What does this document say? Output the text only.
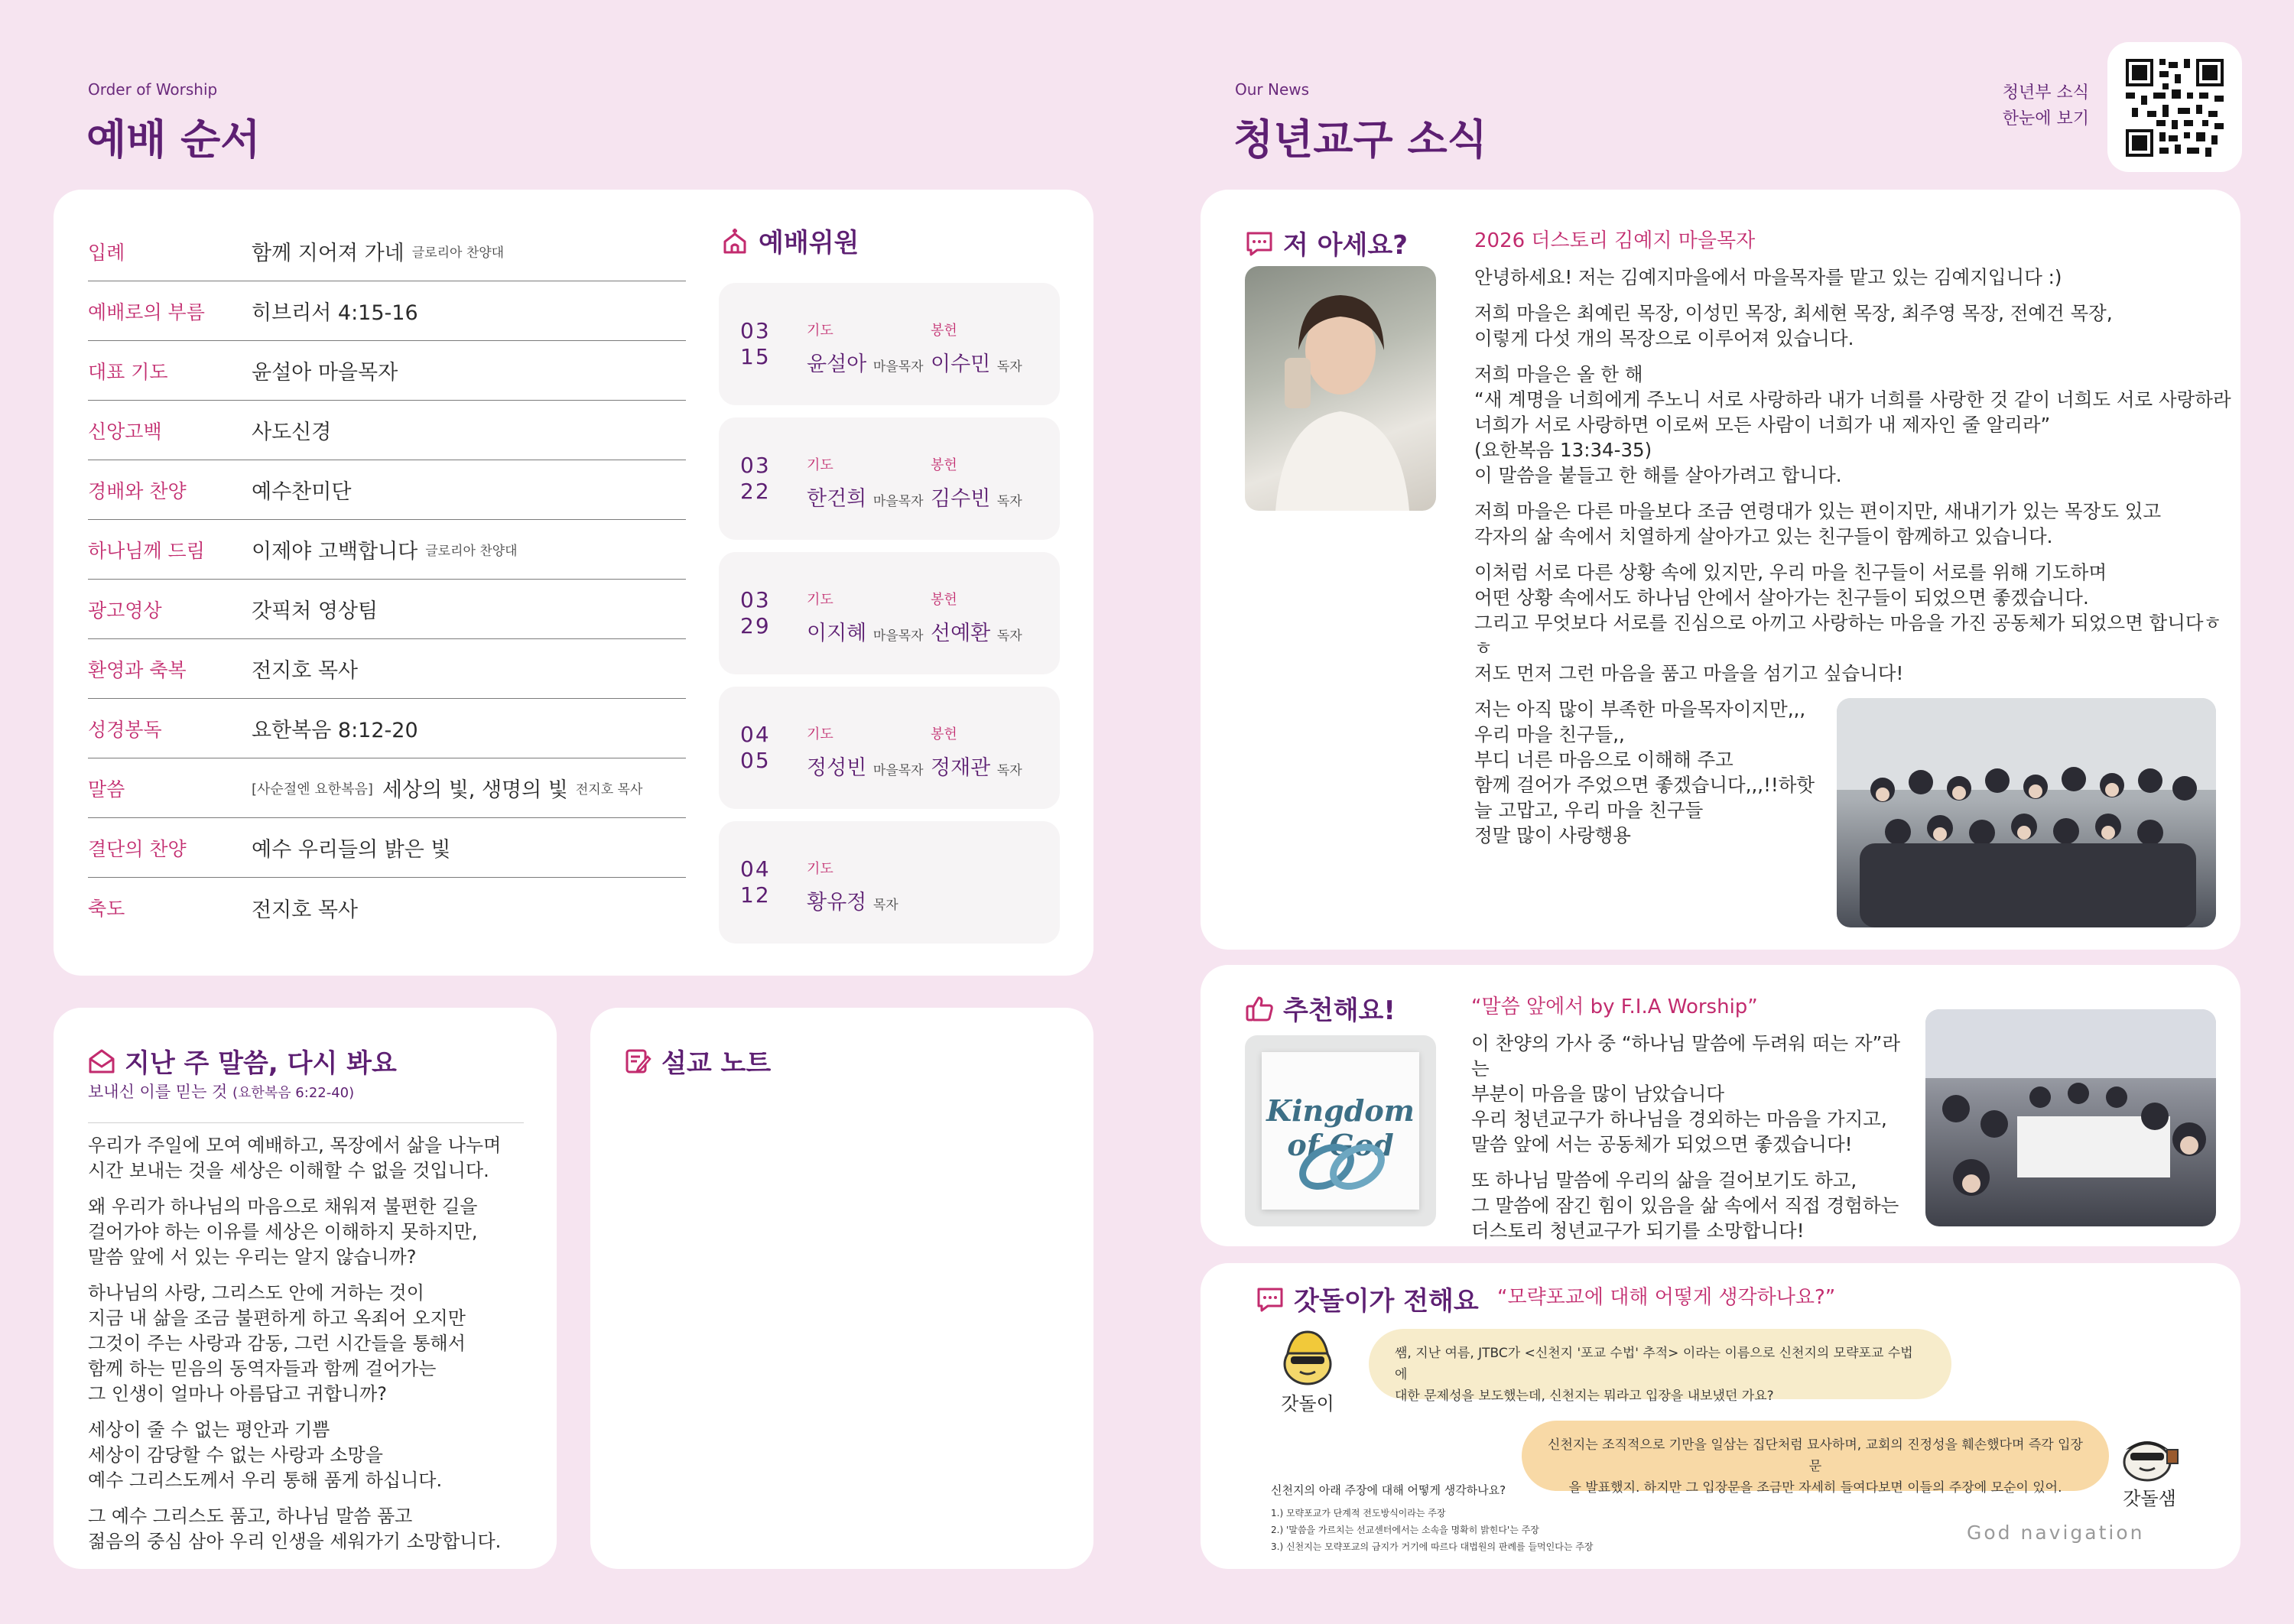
Order of Worship
예배 순서
입례	함께 지어져 가네 글로리아 찬양대
예배로의 부름	히브리서 4:15-16
대표 기도	윤설아 마을목자
신앙고백	사도신경
경배와 찬양	예수찬미단
하나님께 드림	이제야 고백합니다 글로리아 찬양대
광고영상	갓픽처 영상팀
환영과 축복	전지호 목사
성경봉독	요한복음 8:12-20
말씀	[사순절엔 요한복음] 세상의 빛, 생명의 빛 전지호 목사
결단의 찬양	예수 우리들의 밝은 빛
축도	전지호 목사
예배위원
03
15
기도	봉헌
윤설아 마을목자 이수민 독자
03
22
기도	봉헌
한건희 마을목자 김수빈 독자
03
29
기도	봉헌
이지혜 마을목자 선예환 독자
04
05
기도	봉헌
정성빈 마을목자 정재관 독자
04
12
기도
황유정 목자
지난 주 말씀, 다시 봐요
보내신 이를 믿는 것 (요한복음 6:22-40)
우리가 주일에 모여 예배하고, 목장에서 삶을 나누며
시간 보내는 것을 세상은 이해할 수 없을 것입니다.
왜 우리가 하나님의 마음으로 채워져 불편한 길을
걸어가야 하는 이유를 세상은 이해하지 못하지만,
말씀 앞에 서 있는 우리는 알지 않습니까?
하나님의 사랑, 그리스도 안에 거하는 것이
지금 내 삶을 조금 불편하게 하고 옥죄어 오지만
그것이 주는 사랑과 감동, 그런 시간들을 통해서
함께 하는 믿음의 동역자들과 함께 걸어가는
그 인생이 얼마나 아름답고 귀합니까?
세상이 줄 수 없는 평안과 기쁨
세상이 감당할 수 없는 사랑과 소망을
예수 그리스도께서 우리 통해 품게 하십니다.
그 예수 그리스도 품고, 하나님 말씀 품고
젊음의 중심 삼아 우리 인생을 세워가기 소망합니다.
설교 노트
Our News
청년교구 소식
청년부 소식
한눈에 보기
저 아세요?	2026 더스토리 김예지 마을목자
안녕하세요! 저는 김예지마을에서 마을목자를 맡고 있는 김예지입니다 :)
저희 마을은 최예린 목장, 이성민 목장, 최세현 목장, 최주영 목장, 전예건 목장,
이렇게 다섯 개의 목장으로 이루어져 있습니다.
저희 마을은 올 한 해
“새 계명을 너희에게 주노니 서로 사랑하라 내가 너희를 사랑한 것 같이 너희도 서로 사랑하라
너희가 서로 사랑하면 이로써 모든 사람이 너희가 내 제자인 줄 알리라”
(요한복음 13:34-35)
이 말씀을 붙들고 한 해를 살아가려고 합니다.
저희 마을은 다른 마을보다 조금 연령대가 있는 편이지만, 새내기가 있는 목장도 있고
각자의 삶 속에서 치열하게 살아가고 있는 친구들이 함께하고 있습니다.
이처럼 서로 다른 상황 속에 있지만, 우리 마을 친구들이 서로를 위해 기도하며
어떤 상황 속에서도 하나님 안에서 살아가는 친구들이 되었으면 좋겠습니다.
그리고 무엇보다 서로를 진심으로 아끼고 사랑하는 마음을 가진 공동체가 되었으면 합니다ㅎㅎ
저도 먼저 그런 마음을 품고 마을을 섬기고 싶습니다!
저는 아직 많이 부족한 마을목자이지만,,,
우리 마을 친구들,,
부디 너른 마음으로 이해해 주고
함께 걸어가 주었으면 좋겠습니다,,,!!하핫
늘 고맙고, 우리 마을 친구들
정말 많이 사랑행용
추천해요!	“말씀 앞에서 by F.I.A Worship”
Kingdom of God
이 찬양의 가사 중 “하나님 말씀에 두려워 떠는 자”라는
부분이 마음을 많이 남았습니다
우리 청년교구가 하나님을 경외하는 마음을 가지고,
말씀 앞에 서는 공동체가 되었으면 좋겠습니다!
또 하나님 말씀에 우리의 삶을 걸어보기도 하고,
그 말씀에 잠긴 힘이 있음을 삶 속에서 직접 경험하는
더스토리 청년교구가 되기를 소망합니다!
갓돌이가 전해요 “모략포교에 대해 어떻게 생각하나요?”
갓돌이
쌤, 지난 여름, JTBC가 <신천지 '포교 수법' 추적> 이라는 이름으로 신천지의 모략포교 수법에
대한 문제성을 보도했는데, 신천지는 뭐라고 입장을 내보냈던 가요?
신천지는 조직적으로 기만을 일삼는 집단처럼 묘사하며, 교회의 진정성을 훼손했다며 즉각 입장문
을 발표했지. 하지만 그 입장문을 조금만 자세히 들여다보면 이들의 주장에 모순이 있어.	갓돌샘
신천지의 아래 주장에 대해 어떻게 생각하나요?
1.) 모략포교가 단계적 전도방식이라는 주장
2.) '말씀을 가르치는 선교센터에서는 소속을 명확히 밝힌다'는 주장
3.) 신천지는 모략포교의 금지가 거기에 따르다 대법원의 판례를 들먹인다는 주장
God navigation
